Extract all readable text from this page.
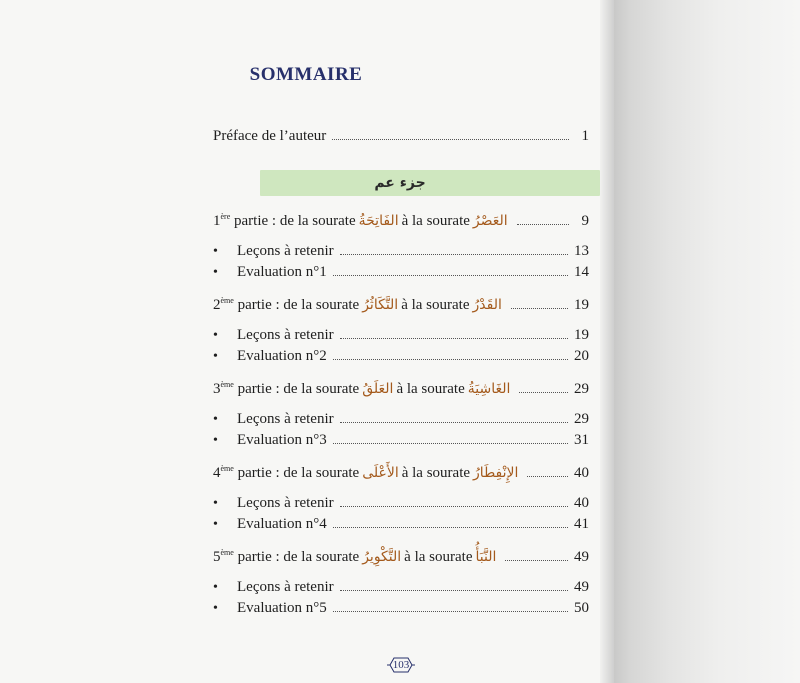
SOMMAIRE
Préface de l’auteur	1
جزء عم
1ère partie : de la sourate الفَاتِحَةُ à la sourate العَصْرُ	9
•	Leçons à retenir	13
•	Evaluation n°1	14
2ème partie : de la sourate التَّكَاثُرُ à la sourate القَدْرُ	19
•	Leçons à retenir	19
•	Evaluation n°2	20
3ème partie : de la sourate العَلَقُ à la sourate الغَاشِيَةُ	29
•	Leçons à retenir	29
•	Evaluation n°3	31
4ème partie : de la sourate الأَعْلَى à la sourate الإِنْفِطَارُ	40
•	Leçons à retenir	40
•	Evaluation n°4	41
5ème partie : de la sourate التَّكْوِيرُ à la sourate النَّبَأُ	49
•	Leçons à retenir	49
•	Evaluation n°5	50
103
